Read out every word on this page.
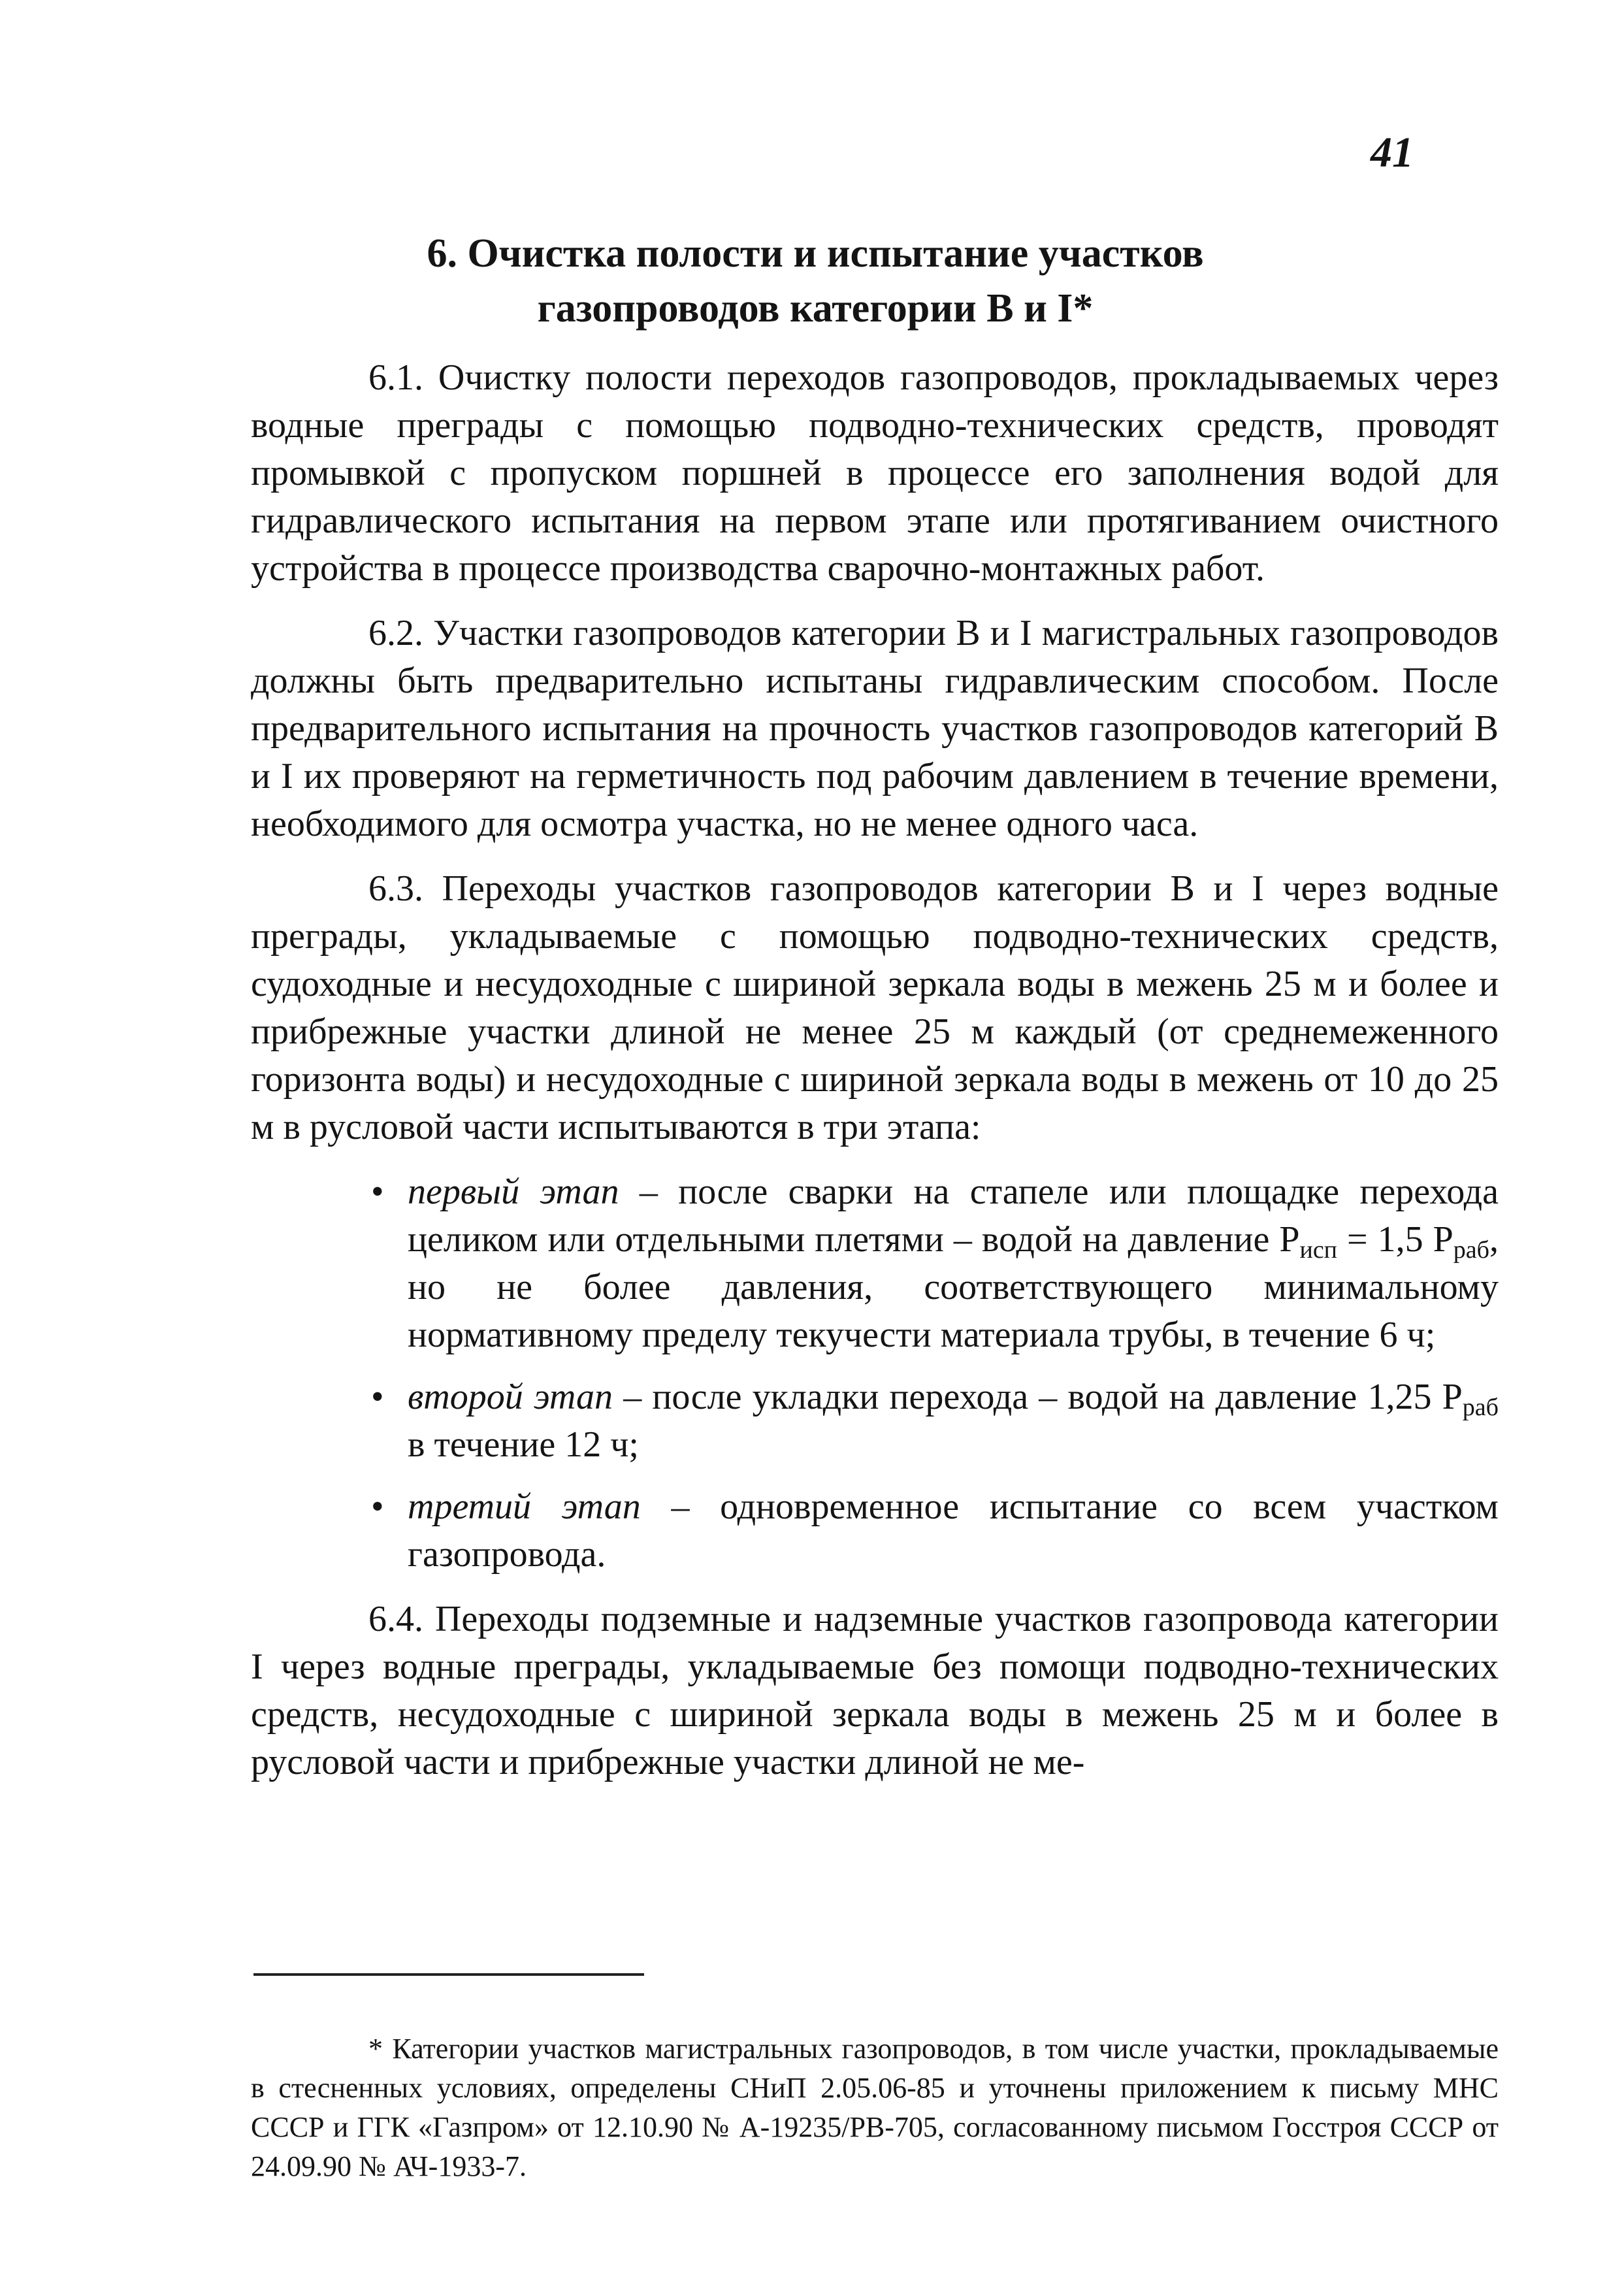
41
6. Очистка полости и испытание участков
газопроводов категории В и I*

6.1. Очистку полости переходов газопроводов, прокладываемых через водные преграды с помощью подводно-технических средств, проводят промывкой с пропуском поршней в процессе его заполнения водой для гидравлического испытания на первом этапе или протягиванием очистного устройства в процессе производства сварочно-монтажных работ.

6.2. Участки газопроводов категории В и I магистральных газопроводов должны быть предварительно испытаны гидравлическим способом. После предварительного испытания на прочность участков газопроводов категорий В и I их проверяют на герметичность под рабочим давлением в течение времени, необходимого для осмотра участка, но не менее одного часа.

6.3. Переходы участков газопроводов категории В и I через водные преграды, укладываемые с помощью подводно-технических средств, судоходные и несудоходные с шириной зеркала воды в межень 25 м и более и прибрежные участки длиной не менее 25 м каждый (от среднемеженного горизонта воды) и несудоходные с шириной зеркала воды в межень от 10 до 25 м в русловой части испытываются в три этапа:

• первый этап – после сварки на стапеле или площадке перехода целиком или отдельными плетями – водой на давление $P_{исп} = 1,5$ $P_{раб}$, но не более давления, соответствующего минимальному нормативному пределу текучести материала трубы, в течение 6 ч;
• второй этап – после укладки перехода – водой на давление 1,25 $P_{раб}$ в течение 12 ч;
• третий этап – одновременное испытание со всем участком газопровода.

6.4. Переходы подземные и надземные участков газопровода категории I через водные преграды, укладываемые без помощи подводно-технических средств, несудоходные с шириной зеркала воды в межень 25 м и более в русловой части и прибрежные участки длиной не ме-

* Категории участков магистральных газопроводов, в том числе участки, прокладываемые в стесненных условиях, определены СНиП 2.05.06-85 и уточнены приложением к письму МНС СССР и ГГК «Газпром» от 12.10.90 № А-19235/РВ-705, согласованному письмом Госстроя СССР от 24.09.90 № АЧ-1933-7.
